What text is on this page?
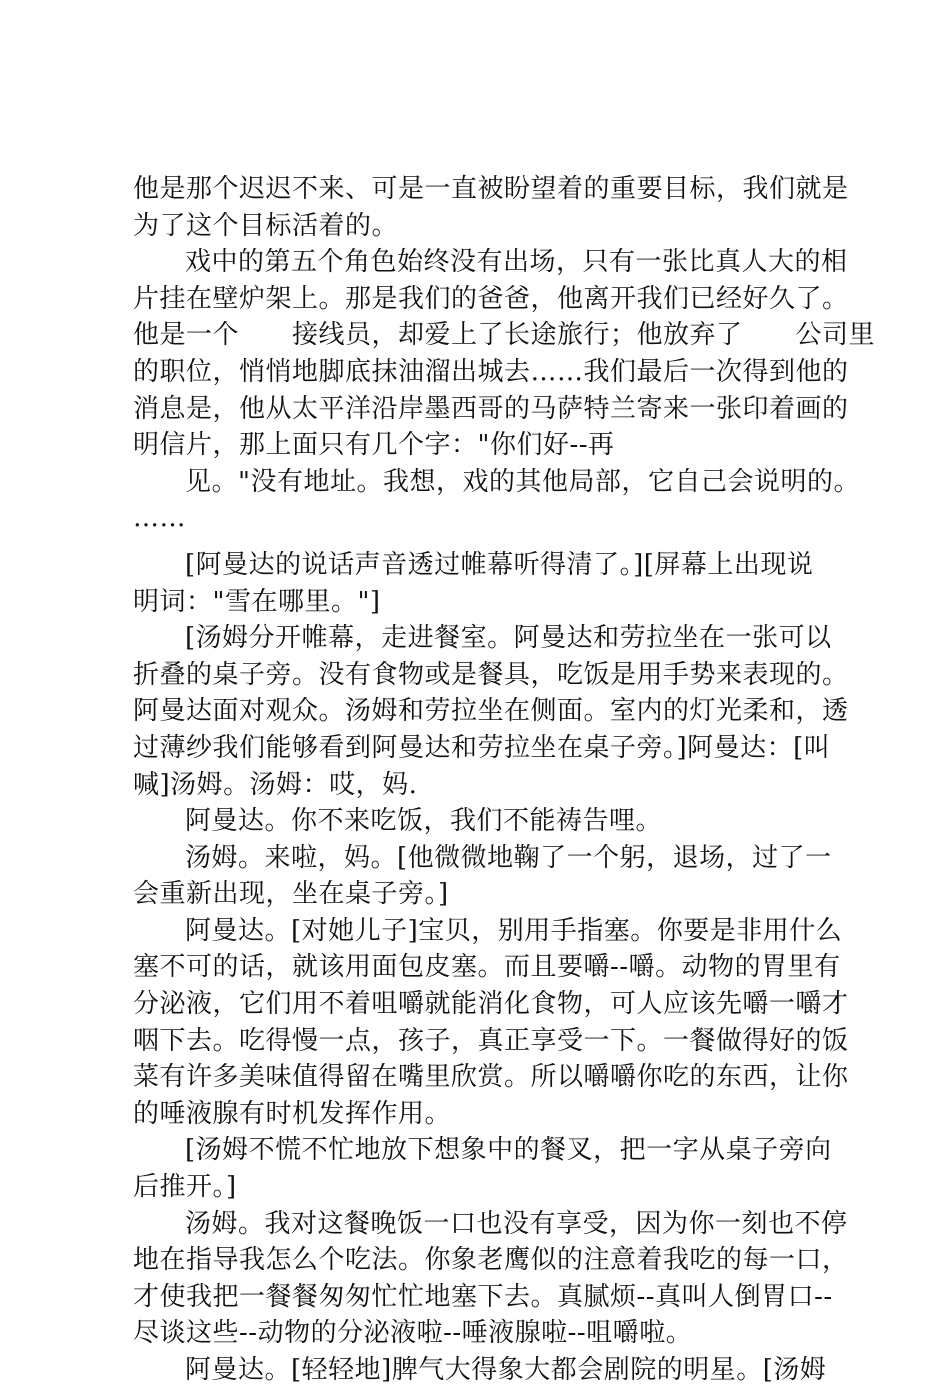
他是那个迟迟不来、可是一直被盼望着的重要目标，我们就是
为了这个目标活着的。
戏中的第五个角色始终没有出场，只有一张比真人大的相
片挂在壁炉架上。那是我们的爸爸，他离开我们已经好久了。
他是一个　　接线员，却爱上了长途旅行；他放弃了　　公司里
的职位，悄悄地脚底抹油溜出城去……我们最后一次得到他的
消息是，他从太平洋沿岸墨西哥的马萨特兰寄来一张印着画的
明信片，那上面只有几个字："你们好--再
见。"没有地址。我想，戏的其他局部，它自己会说明的。
……
[阿曼达的说话声音透过帷幕听得清了。][屏幕上出现说
明词："雪在哪里。"]
[汤姆分开帷幕，走进餐室。阿曼达和劳拉坐在一张可以
折叠的桌子旁。没有食物或是餐具，吃饭是用手势来表现的。
阿曼达面对观众。汤姆和劳拉坐在侧面。室内的灯光柔和，透
过薄纱我们能够看到阿曼达和劳拉坐在桌子旁。]阿曼达：[叫
喊]汤姆。汤姆：哎，妈.
阿曼达。你不来吃饭，我们不能祷告哩。
汤姆。来啦，妈。[他微微地鞠了一个躬，退场，过了一
会重新出现，坐在桌子旁。]
阿曼达。[对她儿子]宝贝，别用手指塞。你要是非用什么
塞不可的话，就该用面包皮塞。而且要嚼--嚼。动物的胃里有
分泌液，它们用不着咀嚼就能消化食物，可人应该先嚼一嚼才
咽下去。吃得慢一点，孩子，真正享受一下。一餐做得好的饭
菜有许多美味值得留在嘴里欣赏。所以嚼嚼你吃的东西，让你
的唾液腺有时机发挥作用。
[汤姆不慌不忙地放下想象中的餐叉，把一字从桌子旁向
后推开。]
汤姆。我对这餐晚饭一口也没有享受，因为你一刻也不停
地在指导我怎么个吃法。你象老鹰似的注意着我吃的每一口，
才使我把一餐餐匆匆忙忙地塞下去。真腻烦--真叫人倒胃口--
尽谈这些--动物的分泌液啦--唾液腺啦--咀嚼啦。
阿曼达。[轻轻地]脾气大得象大都会剧院的明星。[汤姆
